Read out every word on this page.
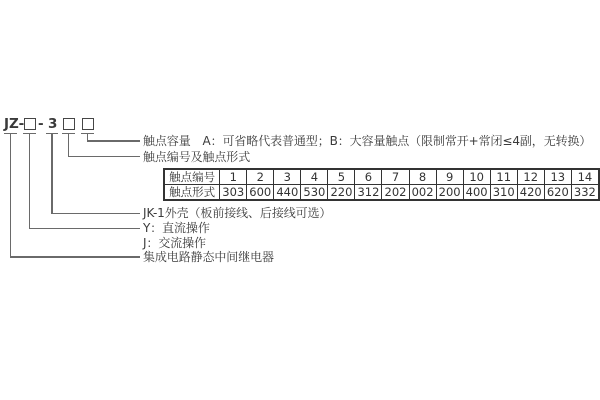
JZ- - 3
触点容量　A：可省略代表普通型；B：大容量触点（限制常开+常闭≤4副，无转换）
触点编号及触点形式
JK-1外壳（板前接线、后接线可选）
Y：直流操作
J：交流操作
集成电路静态中间继电器
触点编号	1	2	3	4	5	6	7	8	9	10	11	12	13	14
触点形式	303	600	440	530	220	312	202	002	200	400	310	420	620	332
